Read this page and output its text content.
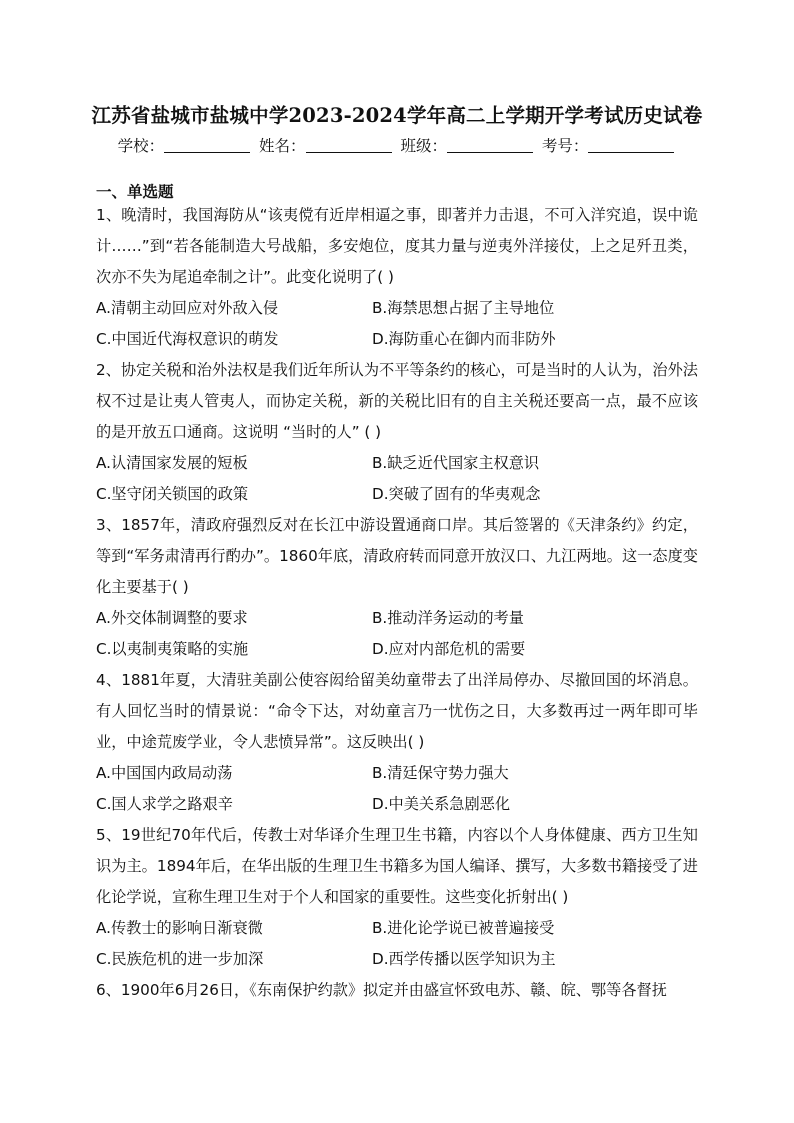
江苏省盐城市盐城中学2023-2024学年高二上学期开学考试历史试卷
学校：	姓名：	班级：	考号：
一、单选题

1、晚清时，我国海防从“该夷傥有近岸相逼之事，即著并力击退，不可入洋究追，误中诡计……”到“若各能制造大号战船，多安炮位，度其力量与逆夷外洋接仗，上之足歼丑类，次亦不失为尾追牵制之计”。此变化说明了( )

A.清朝主动回应对外敌入侵	B.海禁思想占据了主导地位
C.中国近代海权意识的萌发	D.海防重心在御内而非防外

2、协定关税和治外法权是我们近年所认为不平等条约的核心，可是当时的人认为，治外法权不过是让夷人管夷人，而协定关税，新的关税比旧有的自主关税还要高一点，最不应该的是开放五口通商。这说明 “当时的人” ( )

A.认清国家发展的短板	B.缺乏近代国家主权意识
C.坚守闭关锁国的政策	D.突破了固有的华夷观念

3、1857年，清政府强烈反对在长江中游设置通商口岸。其后签署的《天津条约》约定，等到“军务肃清再行酌办”。1860年底，清政府转而同意开放汉口、九江两地。这一态度变化主要基于( )

A.外交体制调整的要求	B.推动洋务运动的考量
C.以夷制夷策略的实施	D.应对内部危机的需要

4、1881年夏，大清驻美副公使容闳给留美幼童带去了出洋局停办、尽撤回国的坏消息。有人回忆当时的情景说：“命令下达，对幼童言乃一忧伤之日，大多数再过一两年即可毕业，中途荒废学业，令人悲愤异常”。这反映出( )

A.中国国内政局动荡	B.清廷保守势力强大
C.国人求学之路艰辛	D.中美关系急剧恶化

5、19世纪70年代后，传教士对华译介生理卫生书籍，内容以个人身体健康、西方卫生知识为主。1894年后，在华出版的生理卫生书籍多为国人编译、撰写，大多数书籍接受了进化论学说，宣称生理卫生对于个人和国家的重要性。这些变化折射出( )

A.传教士的影响日渐衰微	B.进化论学说已被普遍接受
C.民族危机的进一步加深	D.西学传播以医学知识为主

6、1900年6月26日，《东南保护约款》拟定并由盛宣怀致电苏、赣、皖、鄂等各督抚
